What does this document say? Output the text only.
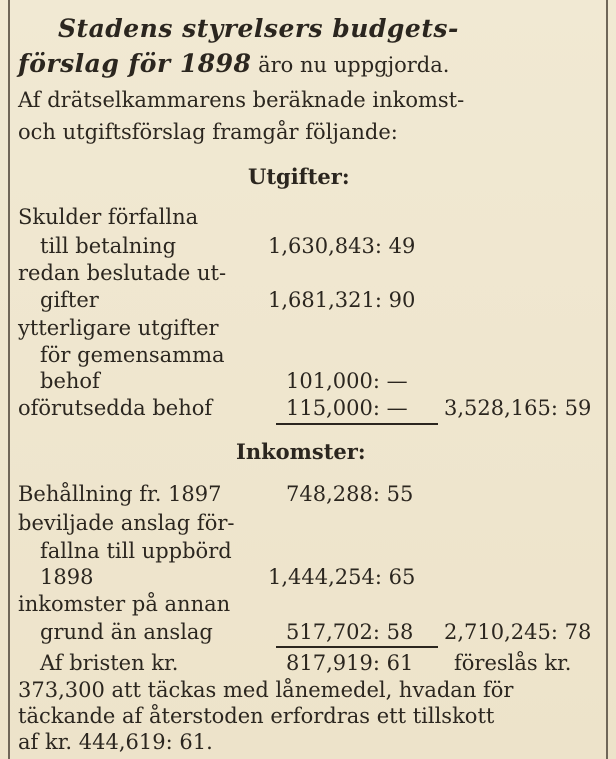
Stadens styrelsers budgets-
förslag för 1898 äro nu uppgjorda.
Af drätselkammarens beräknade inkomst-
och utgiftsförslag framgår följande:
Utgifter:
Skulder förfallna
till betalning	1,630,843: 49
redan beslutade ut-
gifter	1,681,321: 90
ytterligare utgifter
för gemensamma
behof	101,000: —
oförutsedda behof	115,000: — 3,528,165: 59
Inkomster:
Behållning fr. 1897	748,288: 55
beviljade anslag för-
fallna till uppbörd
1898	1,444,254: 65
inkomster på annan
grund än anslag	517,702: 58 2,710,245: 78
Af bristen kr.	817,919: 61 föreslås kr.
373,300 att täckas med lånemedel, hvadan för
täckande af återstoden erfordras ett tillskott
af kr. 444,619: 61.
